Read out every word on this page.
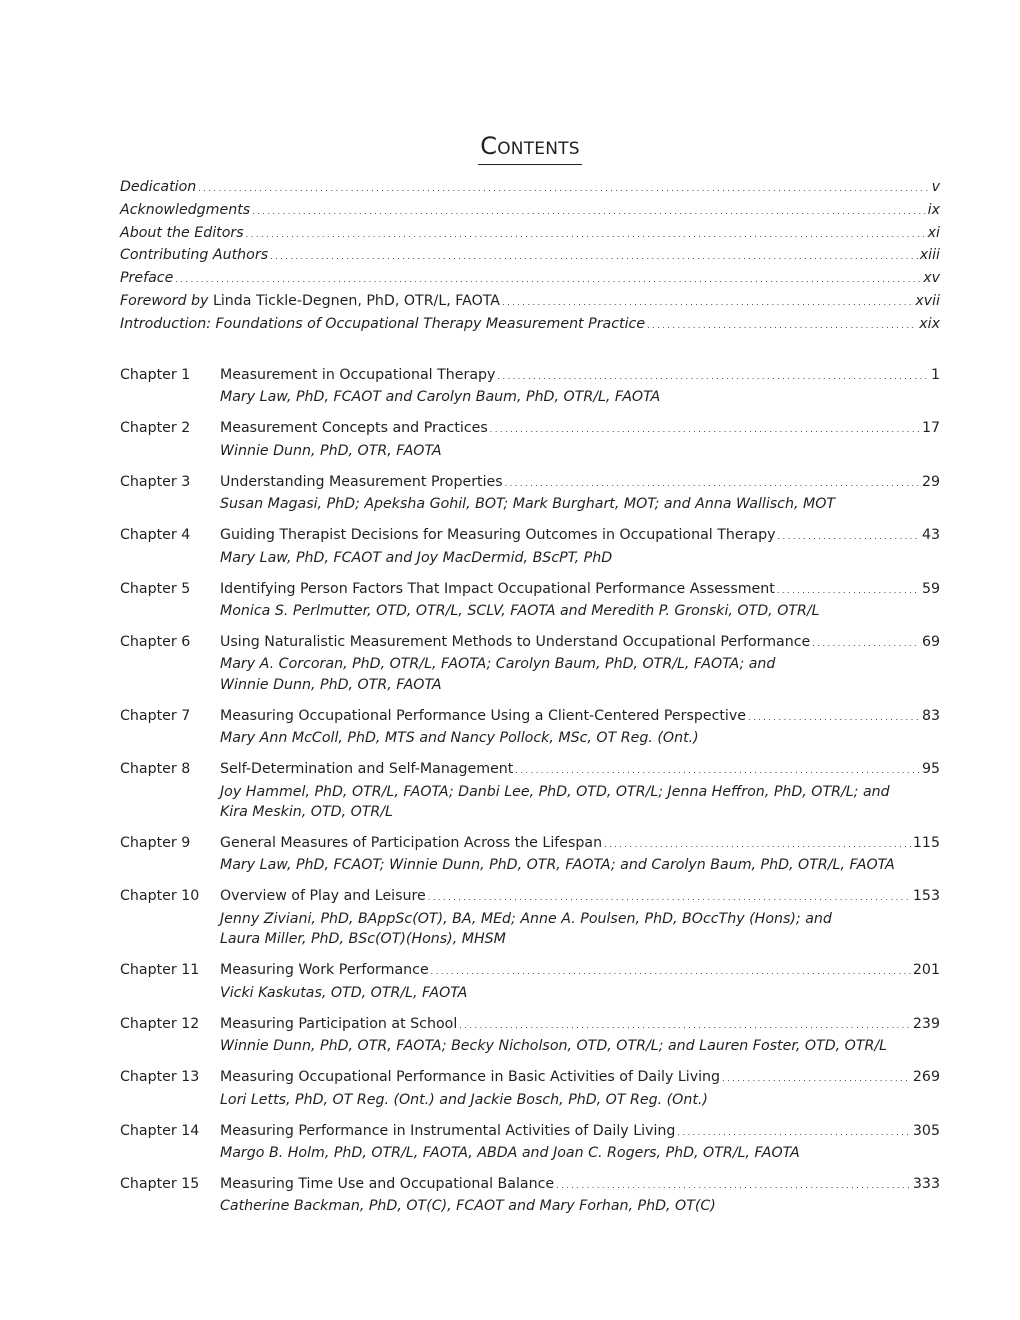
Contents
Dedication . . .	v
Acknowledgments . . .	ix
About the Editors . . .	xi
Contributing Authors . . .	xiii
Preface . . .	xv
Foreword by Linda Tickle-Degnen, PhD, OTR/L, FAOTA . . .	xvii
Introduction: Foundations of Occupational Therapy Measurement Practice . . .	xix
Chapter 1	Measurement in Occupational Therapy . . .	1
Mary Law, PhD, FCAOT and Carolyn Baum, PhD, OTR/L, FAOTA
Chapter 2	Measurement Concepts and Practices . . .	17
Winnie Dunn, PhD, OTR, FAOTA
Chapter 3	Understanding Measurement Properties . . .	29
Susan Magasi, PhD; Apeksha Gohil, BOT; Mark Burghart, MOT; and Anna Wallisch, MOT
Chapter 4	Guiding Therapist Decisions for Measuring Outcomes in Occupational Therapy . . .	43
Mary Law, PhD, FCAOT and Joy MacDermid, BScPT, PhD
Chapter 5	Identifying Person Factors That Impact Occupational Performance Assessment . . .	59
Monica S. Perlmutter, OTD, OTR/L, SCLV, FAOTA and Meredith P. Gronski, OTD, OTR/L
Chapter 6	Using Naturalistic Measurement Methods to Understand Occupational Performance . . .	69
Mary A. Corcoran, PhD, OTR/L, FAOTA; Carolyn Baum, PhD, OTR/L, FAOTA; and
Winnie Dunn, PhD, OTR, FAOTA
Chapter 7	Measuring Occupational Performance Using a Client-Centered Perspective . . .	83
Mary Ann McColl, PhD, MTS and Nancy Pollock, MSc, OT Reg. (Ont.)
Chapter 8	Self-Determination and Self-Management . . .	95
Joy Hammel, PhD, OTR/L, FAOTA; Danbi Lee, PhD, OTD, OTR/L; Jenna Heffron, PhD, OTR/L; and
Kira Meskin, OTD, OTR/L
Chapter 9	General Measures of Participation Across the Lifespan . . .	115
Mary Law, PhD, FCAOT; Winnie Dunn, PhD, OTR, FAOTA; and Carolyn Baum, PhD, OTR/L, FAOTA
Chapter 10	Overview of Play and Leisure . . .	153
Jenny Ziviani, PhD, BAppSc(OT), BA, MEd; Anne A. Poulsen, PhD, BOccThy (Hons); and
Laura Miller, PhD, BSc(OT)(Hons), MHSM
Chapter 11	Measuring Work Performance . . .	201
Vicki Kaskutas, OTD, OTR/L, FAOTA
Chapter 12	Measuring Participation at School . . .	239
Winnie Dunn, PhD, OTR, FAOTA; Becky Nicholson, OTD, OTR/L; and Lauren Foster, OTD, OTR/L
Chapter 13	Measuring Occupational Performance in Basic Activities of Daily Living . . .	269
Lori Letts, PhD, OT Reg. (Ont.) and Jackie Bosch, PhD, OT Reg. (Ont.)
Chapter 14	Measuring Performance in Instrumental Activities of Daily Living . . .	305
Margo B. Holm, PhD, OTR/L, FAOTA, ABDA and Joan C. Rogers, PhD, OTR/L, FAOTA
Chapter 15	Measuring Time Use and Occupational Balance . . .	333
Catherine Backman, PhD, OT(C), FCAOT and Mary Forhan, PhD, OT(C)
